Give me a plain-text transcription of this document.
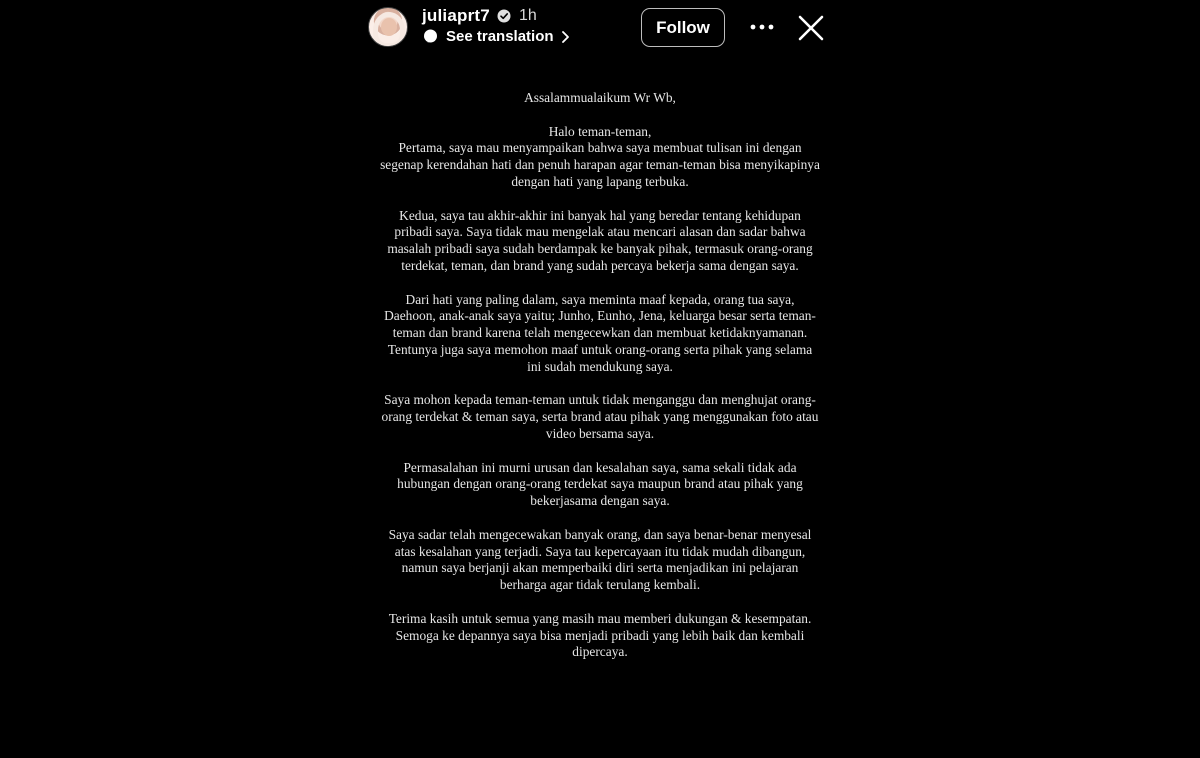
juliaprt7 1h
See translation	Follow

Assalammualaikum Wr Wb,

Halo teman-teman,
Pertama, saya mau menyampaikan bahwa saya membuat tulisan ini dengan segenap kerendahan hati dan penuh harapan agar teman-teman bisa menyikapinya dengan hati yang lapang terbuka.

Kedua, saya tau akhir-akhir ini banyak hal yang beredar tentang kehidupan pribadi saya. Saya tidak mau mengelak atau mencari alasan dan sadar bahwa masalah pribadi saya sudah berdampak ke banyak pihak, termasuk orang-orang terdekat, teman, dan brand yang sudah percaya bekerja sama dengan saya.

Dari hati yang paling dalam, saya meminta maaf kepada, orang tua saya, Daehoon, anak-anak saya yaitu; Junho, Eunho, Jena, keluarga besar serta teman-teman dan brand karena telah mengecewkan dan membuat ketidaknyamanan. Tentunya juga saya memohon maaf untuk orang-orang serta pihak yang selama ini sudah mendukung saya.

Saya mohon kepada teman-teman untuk tidak menganggu dan menghujat orang-orang terdekat & teman saya, serta brand atau pihak yang menggunakan foto atau video bersama saya.

Permasalahan ini murni urusan dan kesalahan saya, sama sekali tidak ada hubungan dengan orang-orang terdekat saya maupun brand atau pihak yang bekerjasama dengan saya.

Saya sadar telah mengecewakan banyak orang, dan saya benar-benar menyesal atas kesalahan yang terjadi. Saya tau kepercayaan itu tidak mudah dibangun, namun saya berjanji akan memperbaiki diri serta menjadikan ini pelajaran berharga agar tidak terulang kembali.

Terima kasih untuk semua yang masih mau memberi dukungan & kesempatan. Semoga ke depannya saya bisa menjadi pribadi yang lebih baik dan kembali dipercaya.
